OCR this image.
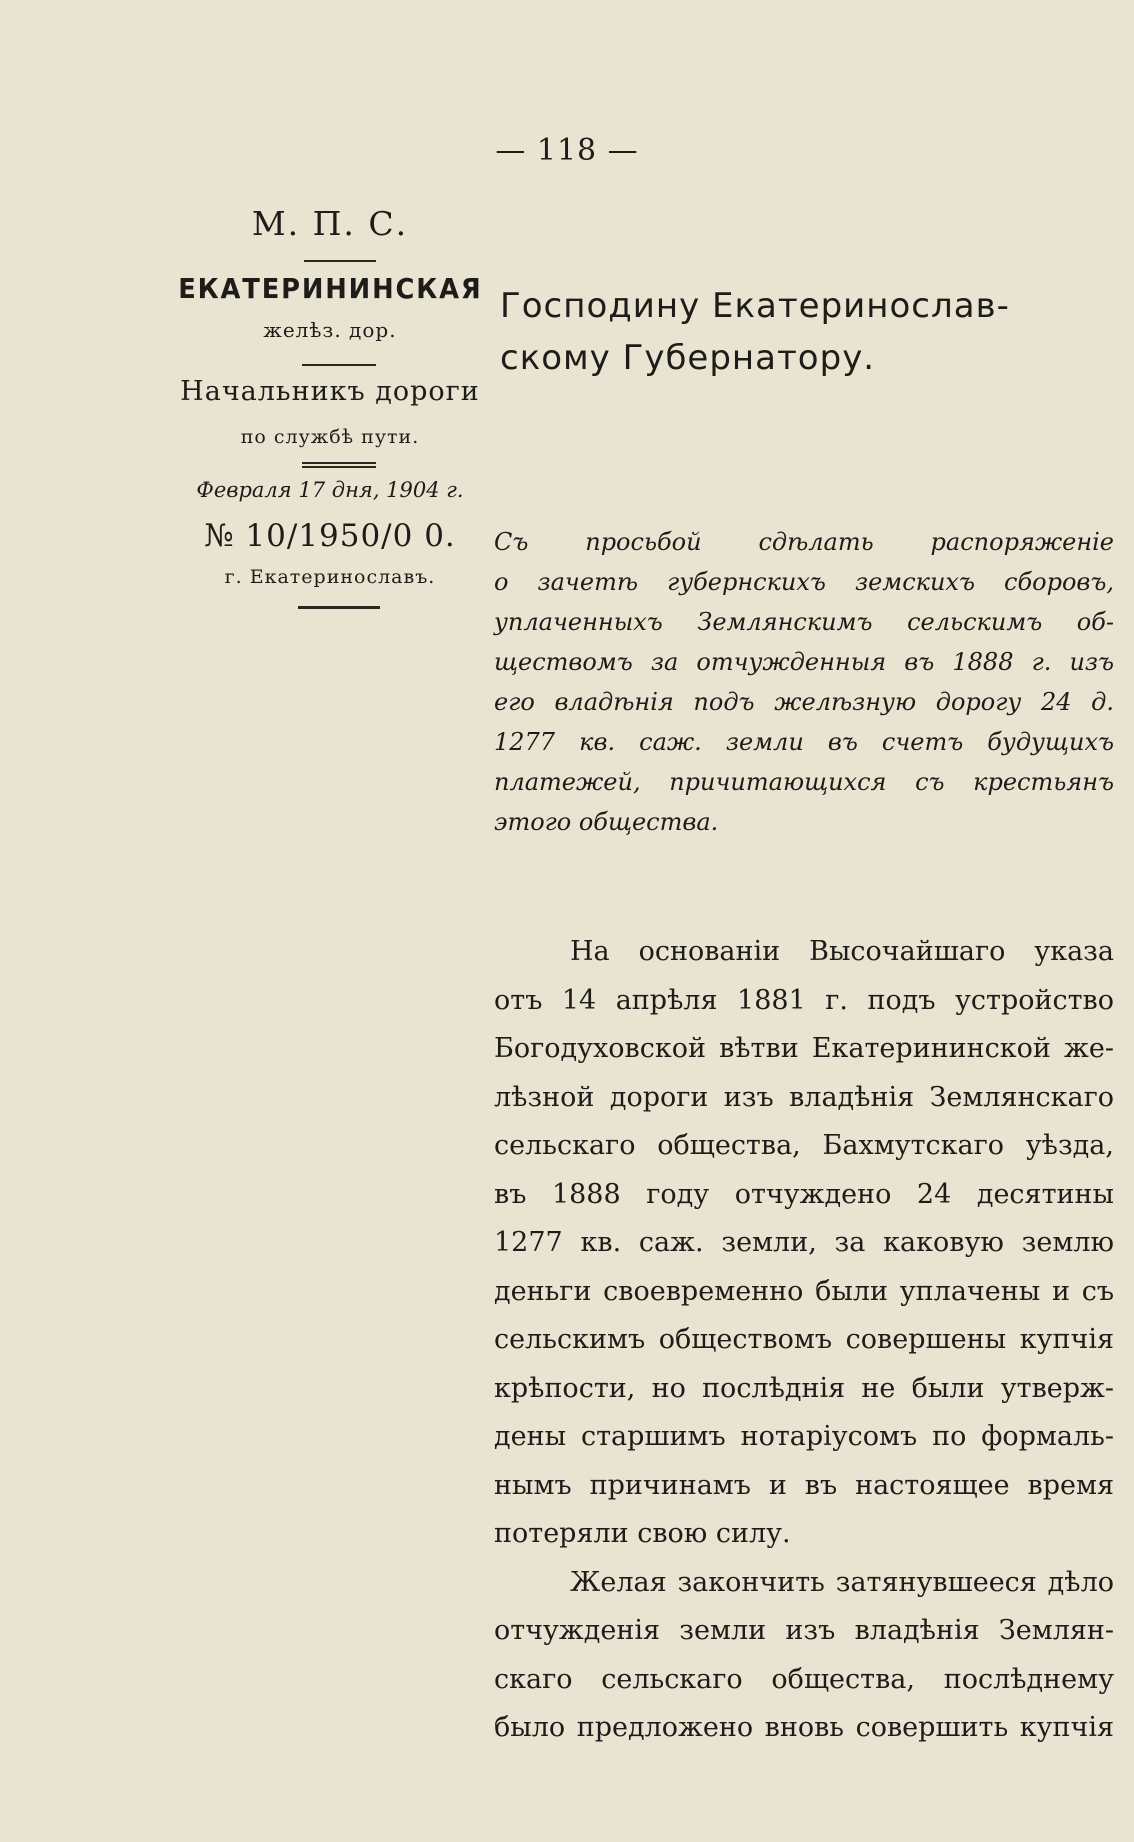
— 118 —
М. П. С.
ЕКАТЕРИНИНСКАЯ
желѣз. дор.
Начальникъ дороги
по службѣ пути.
Февраля 17 дня, 1904 г.
№ 10/1950/0 0.
г. Екатеринославъ.
Господину Екатеринослав-
скому Губернатору.
Съ просьбой сдѣлать распоряженіе
о зачетѣ губернскихъ земскихъ сборовъ,
уплаченныхъ Землянскимъ сельскимъ об-
ществомъ за отчужденныя въ 1888 г. изъ
его владѣнія подъ желѣзную дорогу 24 д.
1277 кв. саж. земли въ счетъ будущихъ
платежей, причитающихся съ крестьянъ
этого общества.
На основаніи Высочайшаго указа
отъ 14 апрѣля 1881 г. подъ устройство
Богодуховской вѣтви Екатерининской же-
лѣзной дороги изъ владѣнія Землянскаго
сельскаго общества, Бахмутскаго уѣзда,
въ 1888 году отчуждено 24 десятины
1277 кв. саж. земли, за каковую землю
деньги своевременно были уплачены и съ
сельскимъ обществомъ совершены купчія
крѣпости, но послѣднія не были утверж-
дены старшимъ нотаріусомъ по формаль-
нымъ причинамъ и въ настоящее время
потеряли свою силу.
Желая закончить затянувшееся дѣло
отчужденія земли изъ владѣнія Землян-
скаго сельскаго общества, послѣднему
было предложено вновь совершить купчія
